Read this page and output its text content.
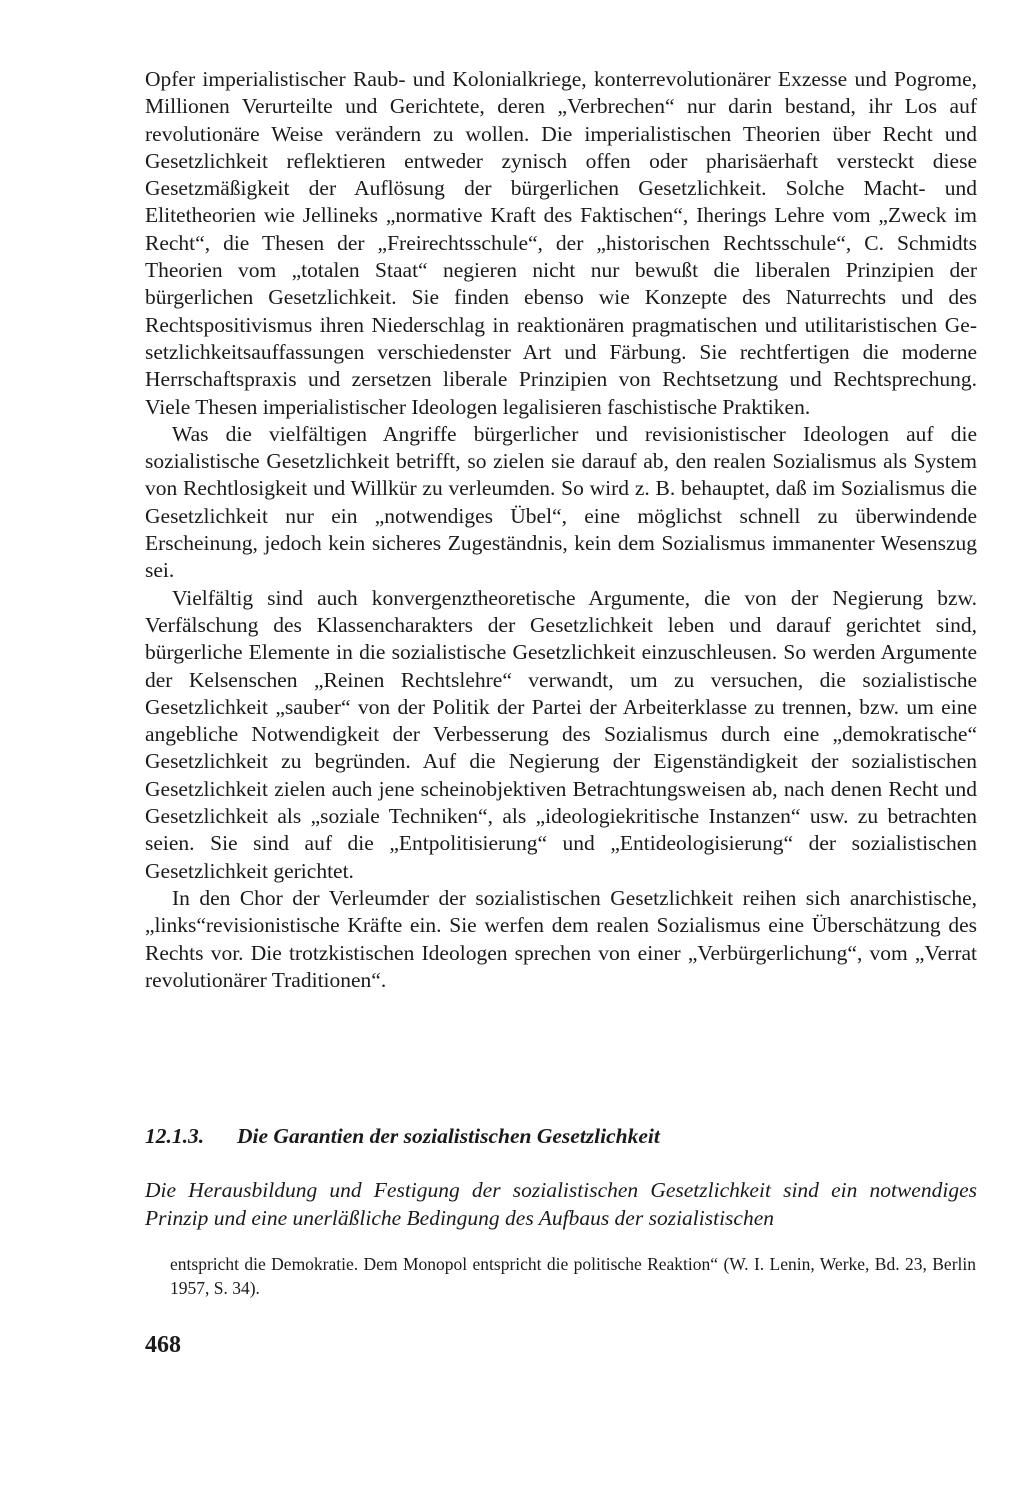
Opfer imperialistischer Raub- und Kolonialkriege, konterrevolutionärer Exzesse und Pogrome, Millionen Verurteilte und Gerichtete, deren „Verbrechen“ nur darin bestand, ihr Los auf revolutionäre Weise verändern zu wollen. Die imperialistischen Theorien über Recht und Gesetzlichkeit reflektieren entweder zynisch offen oder pharisäerhaft versteckt diese Gesetzmäßigkeit der Auflösung der bürgerlichen Gesetzlichkeit. Solche Macht- und Elitetheorien wie Jellineks „normative Kraft des Faktischen“, Iherings Lehre vom „Zweck im Recht“, die Thesen der „Freirechtsschule“, der „historischen Rechtsschule“, C. Schmidts Theorien vom „totalen Staat“ negieren nicht nur bewußt die liberalen Prinzipien der bürgerlichen Gesetzlichkeit. Sie finden ebenso wie Konzepte des Naturrechts und des Rechtspositivismus ihren Niederschlag in reaktionären pragmatischen und utilitaristischen Gesetzlichkeitsauffassungen verschiedenster Art und Färbung. Sie rechtfertigen die moderne Herrschaftspraxis und zersetzen liberale Prinzipien von Rechtsetzung und Rechtsprechung. Viele Thesen imperialistischer Ideologen legalisieren faschistische Praktiken.

Was die vielfältigen Angriffe bürgerlicher und revisionistischer Ideologen auf die sozialistische Gesetzlichkeit betrifft, so zielen sie darauf ab, den realen Sozialismus als System von Rechtlosigkeit und Willkür zu verleumden. So wird z. B. behauptet, daß im Sozialismus die Gesetzlichkeit nur ein „notwendiges Übel“, eine möglichst schnell zu überwindende Erscheinung, jedoch kein sicheres Zugeständnis, kein dem Sozialismus immanenter Wesenszug sei.

Vielfältig sind auch konvergenztheoretische Argumente, die von der Negierung bzw. Verfälschung des Klassencharakters der Gesetzlichkeit leben und darauf gerichtet sind, bürgerliche Elemente in die sozialistische Gesetzlichkeit einzuschleusen. So werden Argumente der Kelsenschen „Reinen Rechtslehre“ verwandt, um zu versuchen, die sozialistische Gesetzlichkeit „sauber“ von der Politik der Partei der Arbeiterklasse zu trennen, bzw. um eine angebliche Notwendigkeit der Verbesserung des Sozialismus durch eine „demokratische“ Gesetzlichkeit zu begründen. Auf die Negierung der Eigenständigkeit der sozialistischen Gesetzlichkeit zielen auch jene scheinobjektiven Betrachtungsweisen ab, nach denen Recht und Gesetzlichkeit als „soziale Techniken“, als „ideologiekritische Instanzen“ usw. zu betrachten seien. Sie sind auf die „Entpolitisierung“ und „Entideologisierung“ der sozialistischen Gesetzlichkeit gerichtet.

In den Chor der Verleumder der sozialistischen Gesetzlichkeit reihen sich anarchistische, „links“revisionistische Kräfte ein. Sie werfen dem realen Sozialismus eine Überschätzung des Rechts vor. Die trotzkistischen Ideologen sprechen von einer „Verbürgerlichung“, vom „Verrat revolutionärer Traditionen“.

12.1.3. Die Garantien der sozialistischen Gesetzlichkeit

Die Herausbildung und Festigung der sozialistischen Gesetzlichkeit sind ein notwendiges Prinzip und eine unerläßliche Bedingung des Aufbaus der sozialistischen

entspricht die Demokratie. Dem Monopol entspricht die politische Reaktion“ (W. I. Lenin, Werke, Bd. 23, Berlin 1957, S. 34).

468
